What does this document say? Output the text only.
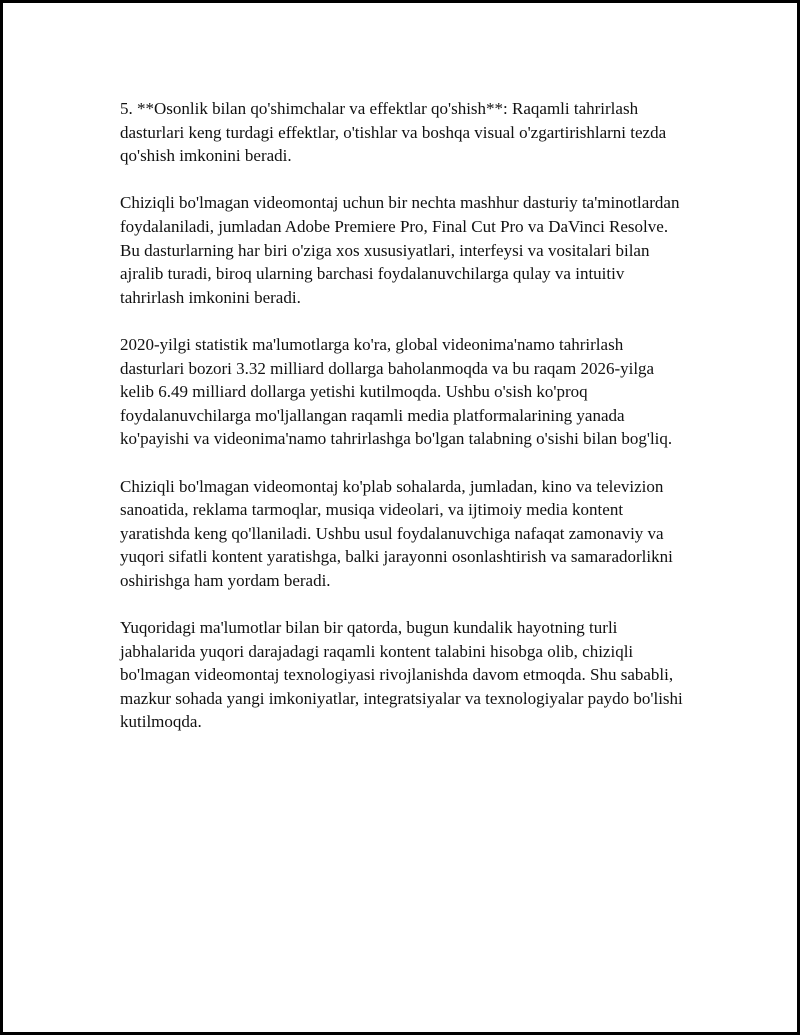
5. **Osonlik bilan qo'shimchalar va effektlar qo'shish**: Raqamli tahrirlash dasturlari keng turdagi effektlar, o'tishlar va boshqa visual o'zgartirishlarni tezda qo'shish imkonini beradi.

Chiziqli bo'lmagan videomontaj uchun bir nechta mashhur dasturiy ta'minotlardan foydalaniladi, jumladan Adobe Premiere Pro, Final Cut Pro va DaVinci Resolve. Bu dasturlarning har biri o'ziga xos xususiyatlari, interfeysi va vositalari bilan ajralib turadi, biroq ularning barchasi foydalanuvchilarga qulay va intuitiv tahrirlash imkonini beradi.

2020-yilgi statistik ma'lumotlarga ko'ra, global videonima'namo tahrirlash dasturlari bozori 3.32 milliard dollarga baholanmoqda va bu raqam 2026-yilga kelib 6.49 milliard dollarga yetishi kutilmoqda. Ushbu o'sish ko'proq foydalanuvchilarga mo'ljallangan raqamli media platformalarining yanada ko'payishi va videonima'namo tahrirlashga bo'lgan talabning o'sishi bilan bog'liq.

Chiziqli bo'lmagan videomontaj ko'plab sohalarda, jumladan, kino va televizion sanoatida, reklama tarmoqlar, musiqa videolari, va ijtimoiy media kontent yaratishda keng qo'llaniladi. Ushbu usul foydalanuvchiga nafaqat zamonaviy va yuqori sifatli kontent yaratishga, balki jarayonni osonlashtirish va samaradorlikni oshirishga ham yordam beradi.

Yuqoridagi ma'lumotlar bilan bir qatorda, bugun kundalik hayotning turli jabhalarida yuqori darajadagi raqamli kontent talabini hisobga olib, chiziqli bo'lmagan videomontaj texnologiyasi rivojlanishda davom etmoqda. Shu sababli, mazkur sohada yangi imkoniyatlar, integratsiyalar va texnologiyalar paydo bo'lishi kutilmoqda.
